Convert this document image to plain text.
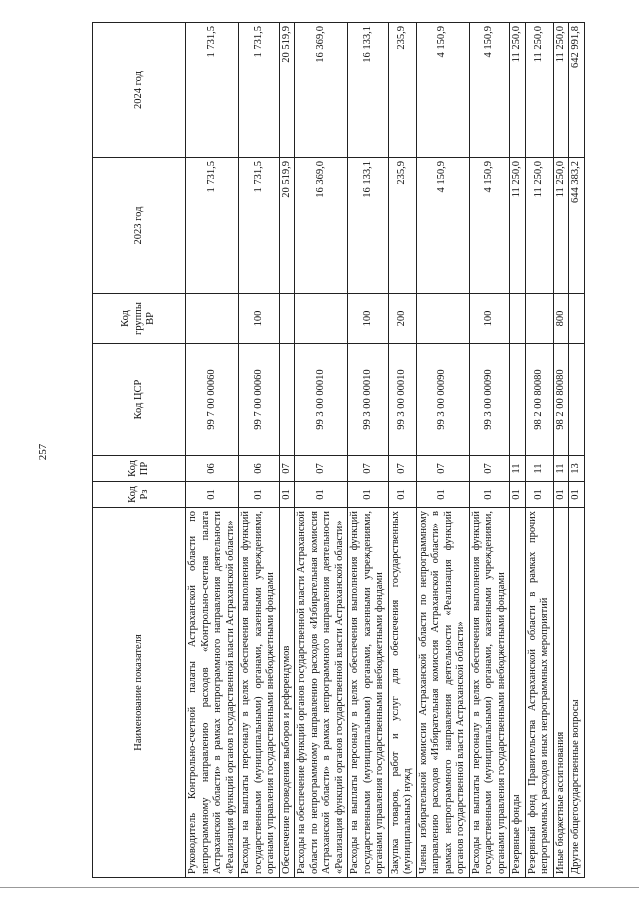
257
Наименование показателя	Код Рз	Код ПР	Код ЦСР	Код группы ВР	2023 год	2024 год
Руководитель Контрольно-счетной палаты Астраханской области по непрограммному направлению расходов «Контрольно-счетная палата Астраханской области» в рамках непрограммного направления деятельности «Реализация функций органов государственной власти Астраханской области»	01	06	99 7 00 00060		1 731,5	1 731,5
Расходы на выплаты персоналу в целях обеспечения выполнения функций государственными (муниципальными) органами, казенными учреждениями, органами управления государственными внебюджетными фондами	01	06	99 7 00 00060	100	1 731,5	1 731,5
Обеспечение проведения выборов и референдумов	01	07			20 519,9	20 519,9
Расходы на обеспечение функций органов государственной власти Астраханской области по непрограммному направлению расходов «Избирательная комиссия Астраханской области» в рамках непрограммного направления деятельности «Реализация функций органов государственной власти Астраханской области»	01	07	99 3 00 00010		16 369,0	16 369,0
Расходы на выплаты персоналу в целях обеспечения выполнения функций государственными (муниципальными) органами, казенными учреждениями, органами управления государственными внебюджетными фондами	01	07	99 3 00 00010	100	16 133,1	16 133,1
Закупка товаров, работ и услуг для обеспечения государственных (муниципальных) нужд	01	07	99 3 00 00010	200	235,9	235,9
Члены избирательной комиссии Астраханской области по непрограммному направлению расходов «Избирательная комиссия Астраханской области» в рамках непрограммного направления деятельности «Реализация функций органов государственной власти Астраханской области»	01	07	99 3 00 00090		4 150,9	4 150,9
Расходы на выплаты персоналу в целях обеспечения выполнения функций государственными (муниципальными) органами, казенными учреждениями, органами управления государственными внебюджетными фондами	01	07	99 3 00 00090	100	4 150,9	4 150,9
Резервные фонды	01	11			11 250,0	11 250,0
Резервный фонд Правительства Астраханской области в рамках прочих непрограммных расходов иных непрограммных мероприятий	01	11	98 2 00 80080		11 250,0	11 250,0
Иные бюджетные ассигнования	01	11	98 2 00 80080	800	11 250,0	11 250,0
Другие общегосударственные вопросы	01	13			644 383,2	642 991,8
